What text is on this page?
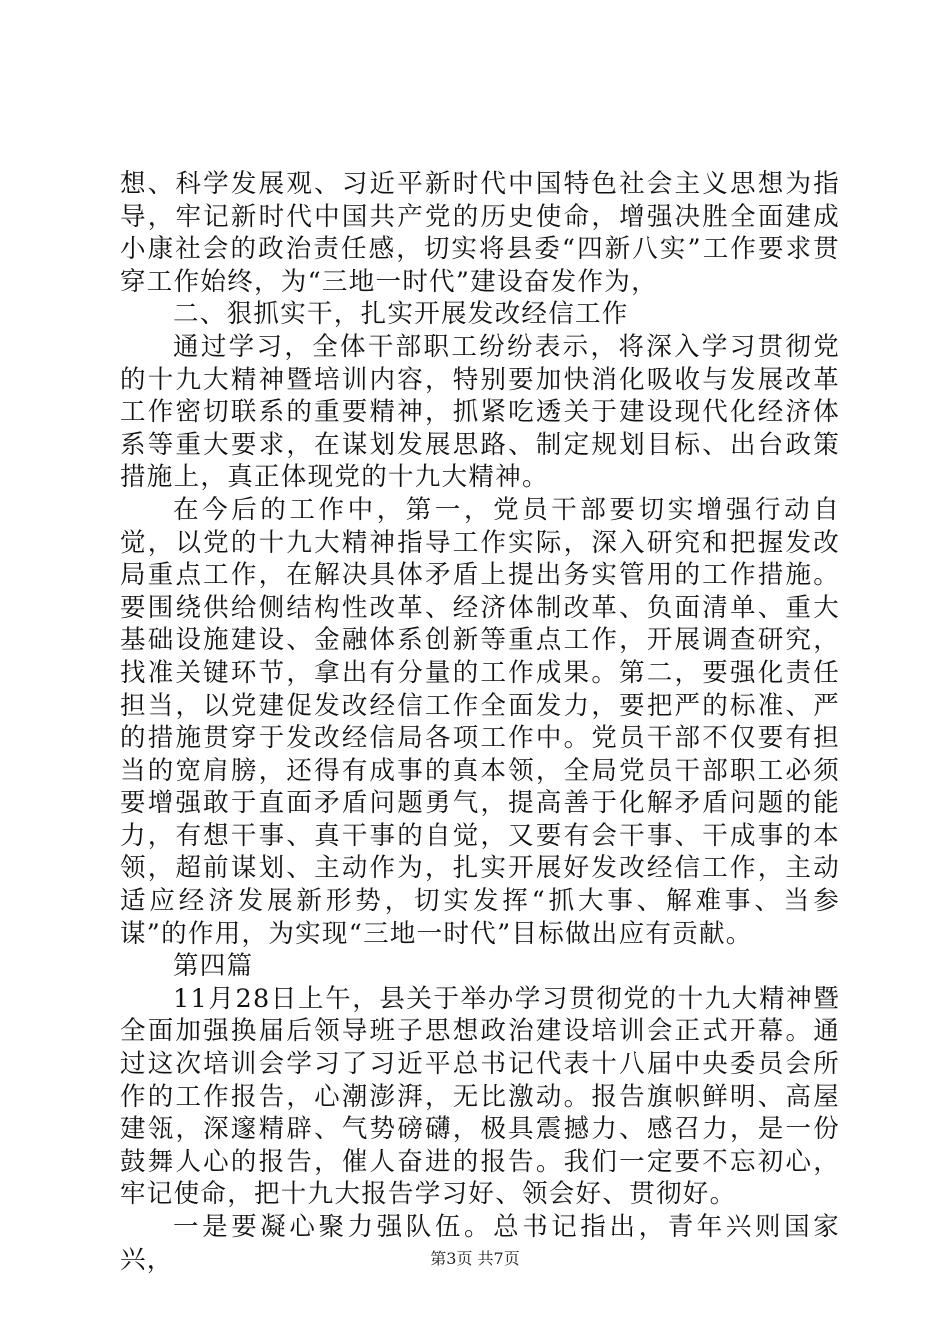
想、科学发展观、习近平新时代中国特色社会主义思想为指导，牢记新时代中国共产党的历史使命，增强决胜全面建成小康社会的政治责任感，切实将县委“四新八实”工作要求贯穿工作始终，为“三地一时代”建设奋发作为，

二、狠抓实干，扎实开展发改经信工作

通过学习，全体干部职工纷纷表示，将深入学习贯彻党的十九大精神暨培训内容，特别要加快消化吸收与发展改革工作密切联系的重要精神，抓紧吃透关于建设现代化经济体系等重大要求，在谋划发展思路、制定规划目标、出台政策措施上，真正体现党的十九大精神。

在今后的工作中，第一，党员干部要切实增强行动自觉，以党的十九大精神指导工作实际，深入研究和把握发改局重点工作，在解决具体矛盾上提出务实管用的工作措施。要围绕供给侧结构性改革、经济体制改革、负面清单、重大基础设施建设、金融体系创新等重点工作，开展调查研究，找准关键环节，拿出有分量的工作成果。第二，要强化责任担当，以党建促发改经信工作全面发力，要把严的标准、严的措施贯穿于发改经信局各项工作中。党员干部不仅要有担当的宽肩膀，还得有成事的真本领，全局党员干部职工必须要增强敢于直面矛盾问题勇气，提高善于化解矛盾问题的能力，有想干事、真干事的自觉，又要有会干事、干成事的本领，超前谋划、主动作为，扎实开展好发改经信工作，主动适应经济发展新形势，切实发挥“抓大事、解难事、当参谋”的作用，为实现“三地一时代”目标做出应有贡献。

第四篇

11月28日上午，县关于举办学习贯彻党的十九大精神暨全面加强换届后领导班子思想政治建设培训会正式开幕。通过这次培训会学习了习近平总书记代表十八届中央委员会所作的工作报告，心潮澎湃，无比激动。报告旗帜鲜明、高屋建瓴，深邃精辟、气势磅礴，极具震撼力、感召力，是一份鼓舞人心的报告，催人奋进的报告。我们一定要不忘初心，牢记使命，把十九大报告学习好、领会好、贯彻好。

一是要凝心聚力强队伍。总书记指出，青年兴则国家兴，	第3页 共7页
